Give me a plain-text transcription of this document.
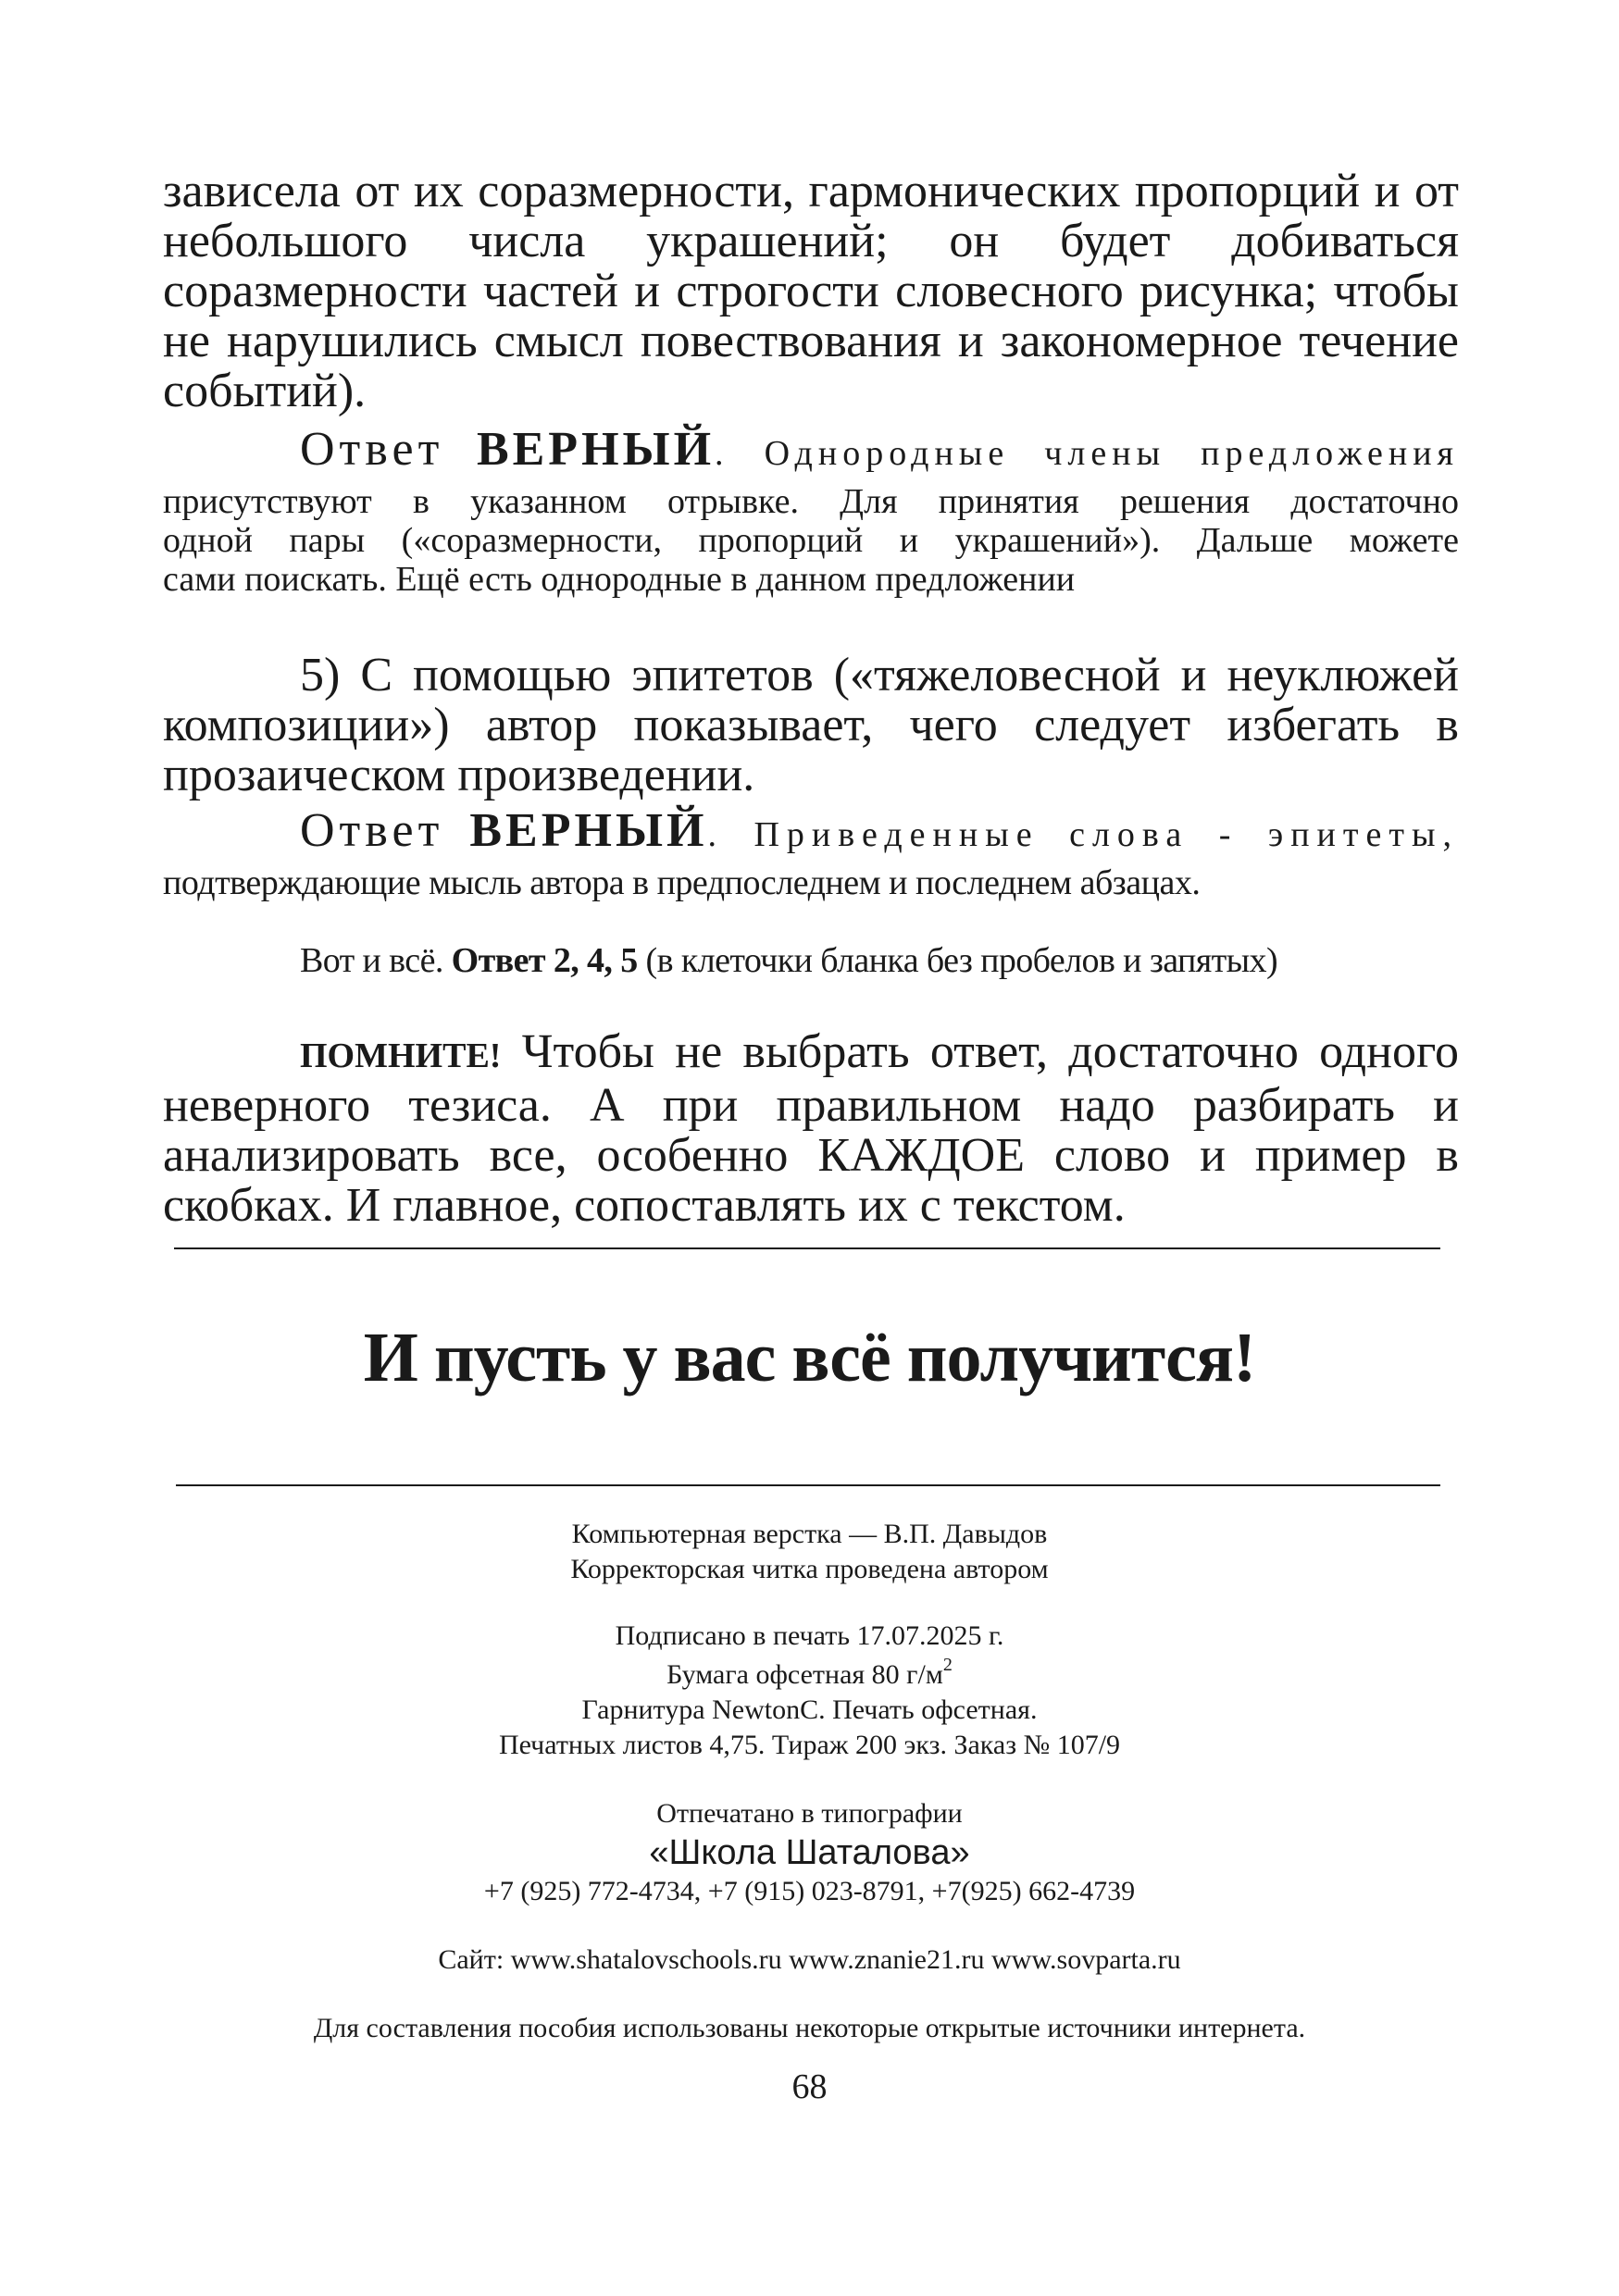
зависела от их соразмерности, гармонических пропорций и от

небольшого числа украшений; он будет добиваться

соразмерности частей и строгости словесного рисунка; чтобы

не нарушились смысл повествования и закономерное течение

событий).

Ответ ВЕРНЫЙ. Однородные члены предложения

присутствуют в указанном отрывке. Для принятия решения достаточно

одной пары («соразмерности, пропорций и украшений»). Дальше можете

сами поискать. Ещё есть однородные в данном предложении

5) С помощью эпитетов («тяжеловесной и неуклюжей

композиции») автор показывает, чего следует избегать в

прозаическом произведении.

Ответ ВЕРНЫЙ. Приведенные слова - эпитеты,

подтверждающие мысль автора в предпоследнем и последнем абзацах.

Вот и всё. Ответ 2, 4, 5 (в клеточки бланка без пробелов и запятых)

ПОМНИТЕ! Чтобы не выбрать ответ, достаточно одного

неверного тезиса. А при правильном надо разбирать и

анализировать все, особенно КАЖДОЕ слово и пример в

скобках. И главное, сопоставлять их с текстом.

И пусть у вас всё получится!
Компьютерная верстка — В.П. Давыдов
Корректорская читка проведена автором
Подписано в печать 17.07.2025 г.
Бумага офсетная 80 $г/м^2$
Гарнитура NewtonC. Печать офсетная.
Печатных листов 4,75. Тираж 200 экз. Заказ № 107/9
Отпечатано в типографии
«Школа Шаталова»
+7 (925) 772-4734, +7 (915) 023-8791, +7(925) 662-4739
Сайт: www.shatalovschools.ru www.znanie21.ru www.sovparta.ru
Для составления пособия использованы некоторые открытые источники интернета.
68
